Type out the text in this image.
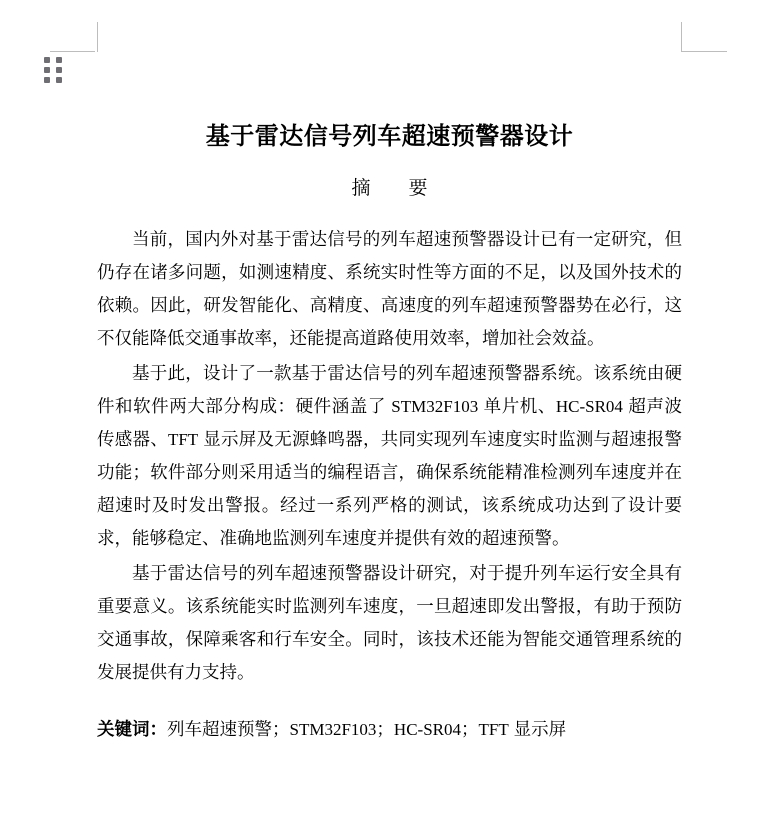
基于雷达信号列车超速预警器设计
摘　　要

当前，国内外对基于雷达信号的列车超速预警器设计已有一定研究，但仍存在诸多问题，如测速精度、系统实时性等方面的不足，以及国外技术的依赖。因此，研发智能化、高精度、高速度的列车超速预警器势在必行，这不仅能降低交通事故率，还能提高道路使用效率，增加社会效益。

基于此，设计了一款基于雷达信号的列车超速预警器系统。该系统由硬件和软件两大部分构成：硬件涵盖了 STM32F103 单片机、HC-SR04 超声波传感器、TFT 显示屏及无源蜂鸣器，共同实现列车速度实时监测与超速报警功能；软件部分则采用适当的编程语言，确保系统能精准检测列车速度并在超速时及时发出警报。经过一系列严格的测试，该系统成功达到了设计要求，能够稳定、准确地监测列车速度并提供有效的超速预警。

基于雷达信号的列车超速预警器设计研究，对于提升列车运行安全具有重要意义。该系统能实时监测列车速度，一旦超速即发出警报，有助于预防交通事故，保障乘客和行车安全。同时，该技术还能为智能交通管理系统的发展提供有力支持。

关键词：列车超速预警；STM32F103；HC-SR04；TFT 显示屏
